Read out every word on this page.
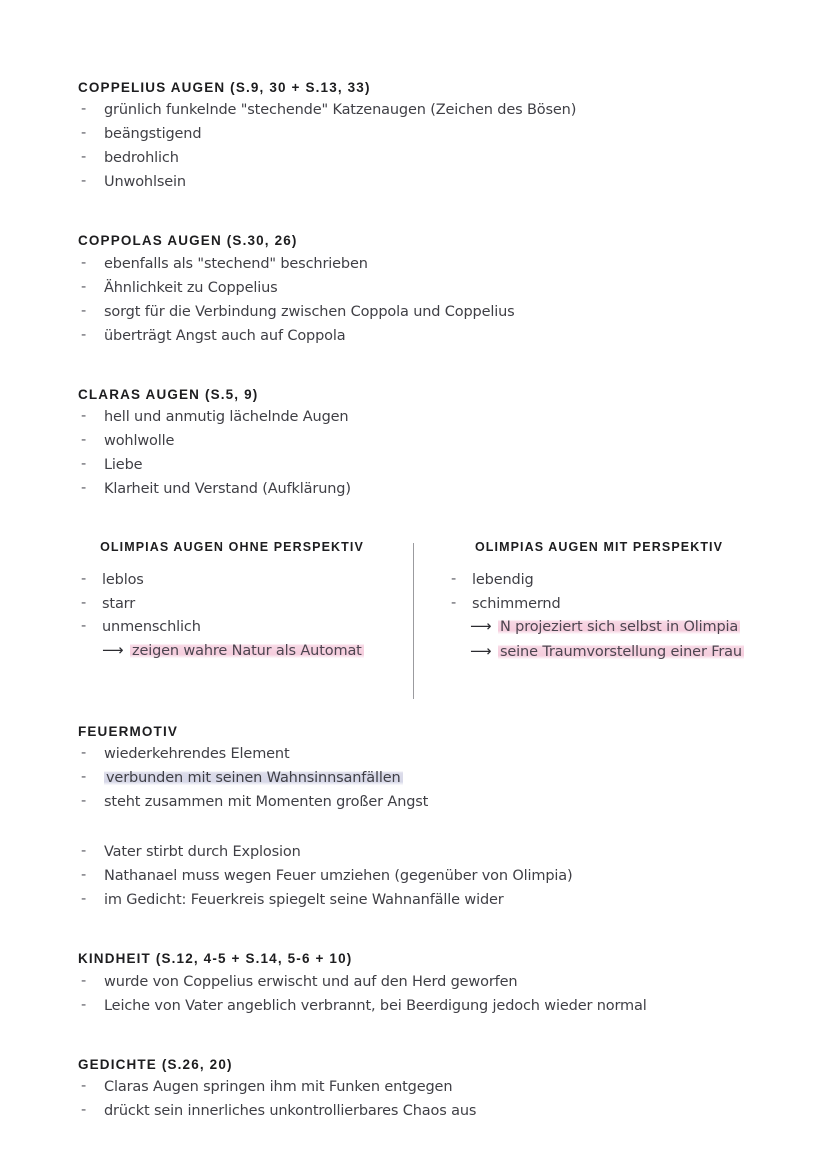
COPPELIUS AUGEN (S.9, 30 + S.13, 33)
- grünlich funkelnde "stechende" Katzenaugen (Zeichen des Bösen)
- beängstigend
- bedrohlich
- Unwohlsein
COPPOLAS AUGEN (S.30, 26)
- ebenfalls als "stechend" beschrieben
- Ähnlichkeit zu Coppelius
- sorgt für die Verbindung zwischen Coppola und Coppelius
- überträgt Angst auch auf Coppola
CLARAS AUGEN (S.5, 9)
- hell und anmutig lächelnde Augen
- wohlwolle
- Liebe
- Klarheit und Verstand (Aufklärung)
OLIMPIAS AUGEN OHNE PERSPEKTIV
- leblos
- starr
- unmenschlich
⟶ zeigen wahre Natur als Automat
OLIMPIAS AUGEN MIT PERSPEKTIV
- lebendig
- schimmernd
⟶ N projeziert sich selbst in Olimpia
⟶ seine Traumvorstellung einer Frau
FEUERMOTIV
- wiederkehrendes Element
- verbunden mit seinen Wahnsinnsanfällen
- steht zusammen mit Momenten großer Angst
- Vater stirbt durch Explosion
- Nathanael muss wegen Feuer umziehen (gegenüber von Olimpia)
- im Gedicht: Feuerkreis spiegelt seine Wahnanfälle wider
KINDHEIT (S.12, 4-5 + S.14, 5-6 + 10)
- wurde von Coppelius erwischt und auf den Herd geworfen
- Leiche von Vater angeblich verbrannt, bei Beerdigung jedoch wieder normal
GEDICHTE (S.26, 20)
- Claras Augen springen ihm mit Funken entgegen
- drückt sein innerliches unkontrollierbares Chaos aus
